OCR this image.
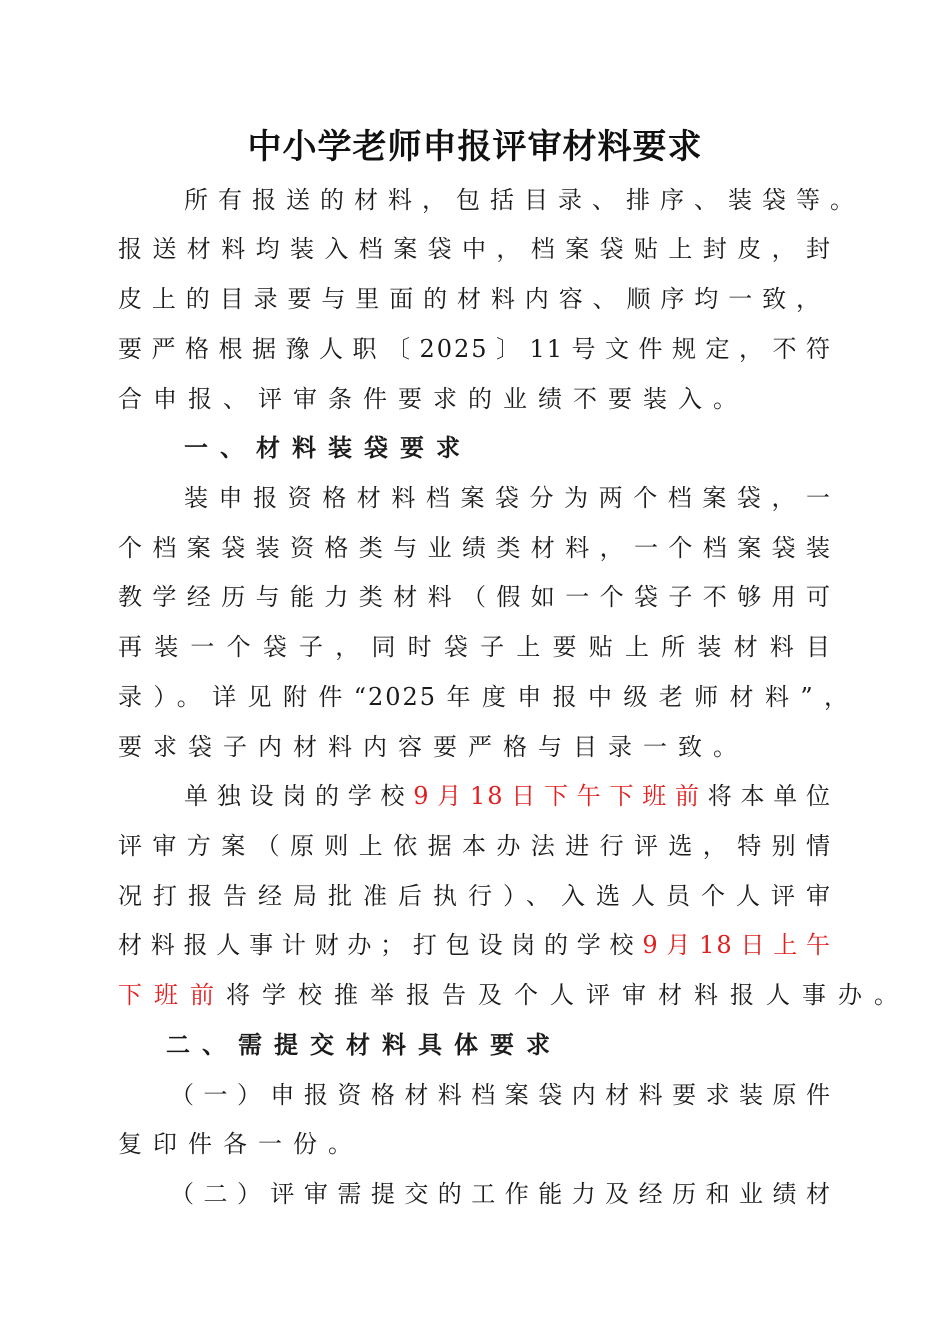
中小学老师申报评审材料要求
所有报送的材料，包括目录、排序、装袋等。
报送材料均装入档案袋中，档案袋贴上封皮，封
皮上的目录要与里面的材料内容、顺序均一致，
要严格根据豫人职〔2025〕11号文件规定，不符
合申报、评审条件要求的业绩不要装入。
一、材料装袋要求
装申报资格材料档案袋分为两个档案袋，一
个档案袋装资格类与业绩类材料，一个档案袋装
教学经历与能力类材料（假如一个袋子不够用可
再装一个袋子，同时袋子上要贴上所装材料目
录）。详见附件“2025年度申报中级老师材料”，
要求袋子内材料内容要严格与目录一致。
单独设岗的学校9月18日下午下班前将本单位
评审方案（原则上依据本办法进行评选，特别情
况打报告经局批准后执行）、入选人员个人评审
材料报人事计财办；打包设岗的学校9月18日上午
下班前将学校推举报告及个人评审材料报人事办。
二、需提交材料具体要求
（一）申报资格材料档案袋内材料要求装原件
复印件各一份。
（二）评审需提交的工作能力及经历和业绩材
